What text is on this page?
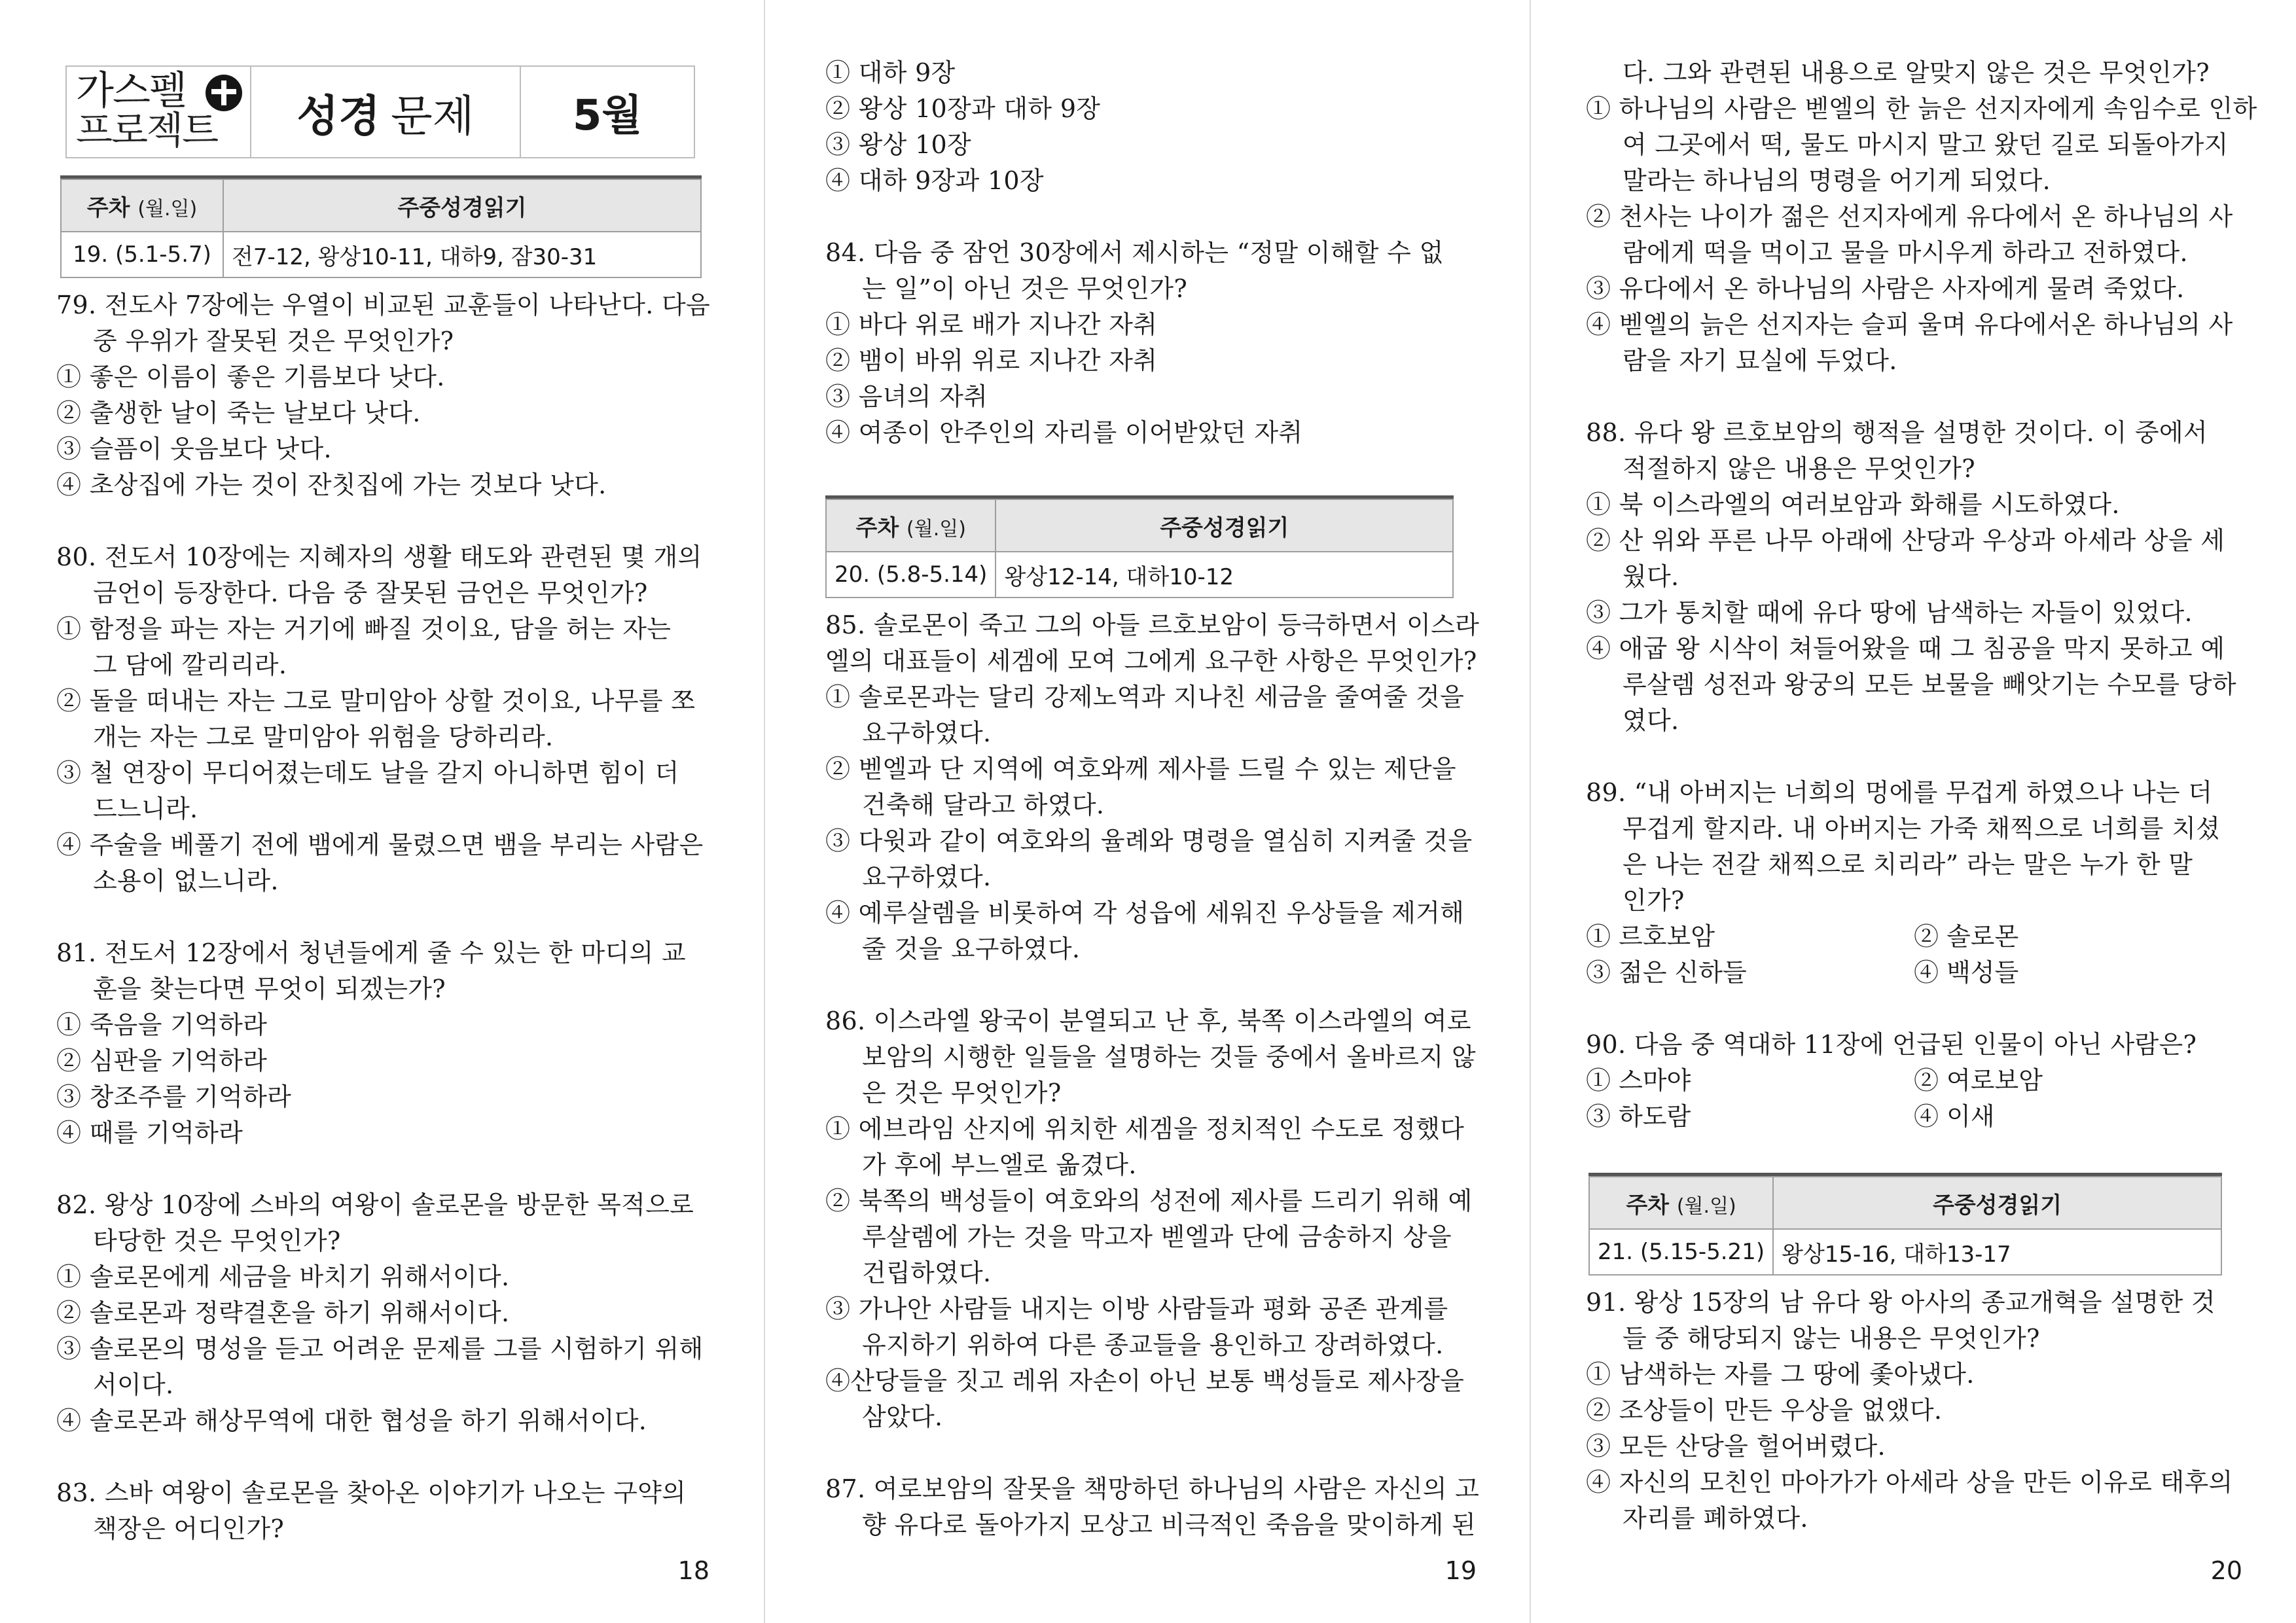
가스펠
프로젝트 성경 문제	5월
주차 (월.일)	주중성경읽기
19. (5.1-5.7)	전7-12, 왕상10-11, 대하9, 잠30-31
79. 전도사 7장에는 우열이 비교된 교훈들이 나타난다. 다음
중 우위가 잘못된 것은 무엇인가?
① 좋은 이름이 좋은 기름보다 낫다.
② 출생한 날이 죽는 날보다 낫다.
③ 슬픔이 웃음보다 낫다.
④ 초상집에 가는 것이 잔칫집에 가는 것보다 낫다.
80. 전도서 10장에는 지혜자의 생활 태도와 관련된 몇 개의
금언이 등장한다. 다음 중 잘못된 금언은 무엇인가?
① 함정을 파는 자는 거기에 빠질 것이요, 담을 허는 자는
그 담에 깔리리라.
② 돌을 떠내는 자는 그로 말미암아 상할 것이요, 나무를 쪼
개는 자는 그로 말미암아 위험을 당하리라.
③ 철 연장이 무디어졌는데도 날을 갈지 아니하면 힘이 더
드느니라.
④ 주술을 베풀기 전에 뱀에게 물렸으면 뱀을 부리는 사람은
소용이 없느니라.
81. 전도서 12장에서 청년들에게 줄 수 있는 한 마디의 교
훈을 찾는다면 무엇이 되겠는가?
① 죽음을 기억하라
② 심판을 기억하라
③ 창조주를 기억하라
④ 때를 기억하라
82. 왕상 10장에 스바의 여왕이 솔로몬을 방문한 목적으로
타당한 것은 무엇인가?
① 솔로몬에게 세금을 바치기 위해서이다.
② 솔로몬과 정략결혼을 하기 위해서이다.
③ 솔로몬의 명성을 듣고 어려운 문제를 그를 시험하기 위해
서이다.
④ 솔로몬과 해상무역에 대한 협성을 하기 위해서이다.
83. 스바 여왕이 솔로몬을 찾아온 이야기가 나오는 구약의
책장은 어디인가?
18
① 대하 9장
② 왕상 10장과 대하 9장
③ 왕상 10장
④ 대하 9장과 10장
84. 다음 중 잠언 30장에서 제시하는 “정말 이해할 수 없
는 일”이 아닌 것은 무엇인가?
① 바다 위로 배가 지나간 자취
② 뱀이 바위 위로 지나간 자취
③ 음녀의 자취
④ 여종이 안주인의 자리를 이어받았던 자취
주차 (월.일)	주중성경읽기
20. (5.8-5.14)	왕상12-14, 대하10-12
85. 솔로몬이 죽고 그의 아들 르호보암이 등극하면서 이스라
엘의 대표들이 세겜에 모여 그에게 요구한 사항은 무엇인가?
① 솔로몬과는 달리 강제노역과 지나친 세금을 줄여줄 것을
요구하였다.
② 벧엘과 단 지역에 여호와께 제사를 드릴 수 있는 제단을
건축해 달라고 하였다.
③ 다윗과 같이 여호와의 율례와 명령을 열심히 지켜줄 것을
요구하였다.
④ 예루살렘을 비롯하여 각 성읍에 세워진 우상들을 제거해
줄 것을 요구하였다.
86. 이스라엘 왕국이 분열되고 난 후, 북쪽 이스라엘의 여로
보암의 시행한 일들을 설명하는 것들 중에서 올바르지 않
은 것은 무엇인가?
① 에브라임 산지에 위치한 세겜을 정치적인 수도로 정했다
가 후에 부느엘로 옮겼다.
② 북쪽의 백성들이 여호와의 성전에 제사를 드리기 위해 예
루살렘에 가는 것을 막고자 벧엘과 단에 금송하지 상을
건립하였다.
③ 가나안 사람들 내지는 이방 사람들과 평화 공존 관계를
유지하기 위하여 다른 종교들을 용인하고 장려하였다.
④산당들을 짓고 레위 자손이 아닌 보통 백성들로 제사장을
삼았다.
87. 여로보암의 잘못을 책망하던 하나님의 사람은 자신의 고
향 유다로 돌아가지 모상고 비극적인 죽음을 맞이하게 된
19
다. 그와 관련된 내용으로 알맞지 않은 것은 무엇인가?
① 하나님의 사람은 벧엘의 한 늙은 선지자에게 속임수로 인하
여 그곳에서 떡, 물도 마시지 말고 왔던 길로 되돌아가지
말라는 하나님의 명령을 어기게 되었다.
② 천사는 나이가 젊은 선지자에게 유다에서 온 하나님의 사
람에게 떡을 먹이고 물을 마시우게 하라고 전하였다.
③ 유다에서 온 하나님의 사람은 사자에게 물려 죽었다.
④ 벧엘의 늙은 선지자는 슬피 울며 유다에서온 하나님의 사
람을 자기 묘실에 두었다.
88. 유다 왕 르호보암의 행적을 설명한 것이다. 이 중에서
적절하지 않은 내용은 무엇인가?
① 북 이스라엘의 여러보암과 화해를 시도하였다.
② 산 위와 푸른 나무 아래에 산당과 우상과 아세라 상을 세
웠다.
③ 그가 통치할 때에 유다 땅에 남색하는 자들이 있었다.
④ 애굽 왕 시삭이 쳐들어왔을 때 그 침공을 막지 못하고 예
루살렘 성전과 왕궁의 모든 보물을 빼앗기는 수모를 당하
였다.
89. “내 아버지는 너희의 멍에를 무겁게 하였으나 나는 더
무겁게 할지라. 내 아버지는 가죽 채찍으로 너희를 치셨
은 나는 전갈 채찍으로 치리라” 라는 말은 누가 한 말
인가?
① 르호보암	② 솔로몬
③ 젊은 신하들	④ 백성들
90. 다음 중 역대하 11장에 언급된 인물이 아닌 사람은?
① 스마야	② 여로보암
③ 하도람	④ 이새
주차 (월.일)	주중성경읽기
21. (5.15-5.21)	왕상15-16, 대하13-17
91. 왕상 15장의 남 유다 왕 아사의 종교개혁을 설명한 것
들 중 해당되지 않는 내용은 무엇인가?
① 남색하는 자를 그 땅에 좇아냈다.
② 조상들이 만든 우상을 없앴다.
③ 모든 산당을 헐어버렸다.
④ 자신의 모친인 마아가가 아세라 상을 만든 이유로 태후의
자리를 폐하였다.
20
